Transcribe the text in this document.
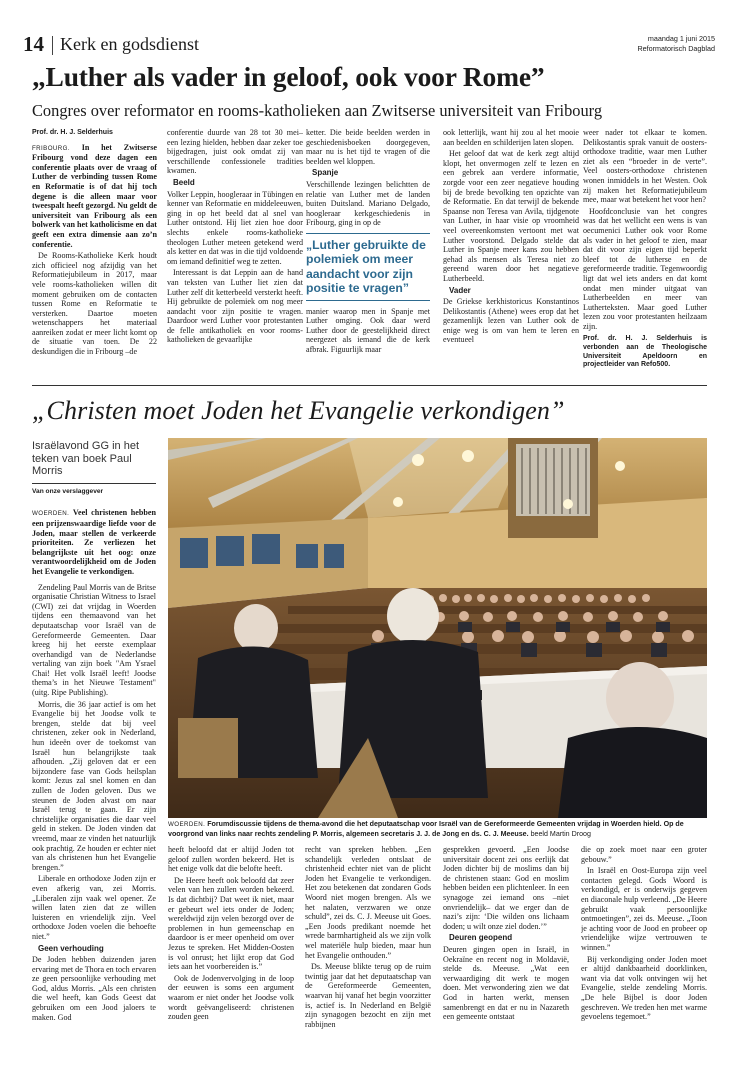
14 Kerk en godsdienst	maandag 1 juni 2015
Reformatorisch Dagblad
„Luther als vader in geloof, ook voor Rome”
Congres over reformator en rooms-katholieken aan Zwitserse universiteit van Fribourg

Prof. dr. H. J. Selderhuis

FRIBOURG. In het Zwitserse Fribourg vond deze dagen een conferentie plaats over de vraag of Luther de verbinding tussen Rome en Reformatie is of dat hij toch degene is die alleen maar voor tweespalt heeft gezorgd. Nu geldt de universiteit van Fribourg als een bolwerk van het katholicisme en dat geeft een extra dimensie aan zo’n conferentie.

De Rooms-Katholieke Kerk houdt zich officieel nog afzijdig van het Reformatiejubileum in 2017, maar vele rooms-katholieken willen dit moment gebruiken om de contacten tussen Rome en Reformatie te versterken. Daartoe moeten wetenschappers het materiaal aanreiken zodat er meer licht komt op de situatie van toen. De 22 deskundigen die in Fribourg –de

conferentie duurde van 28 tot 30 mei– een lezing hielden, hebben daar zeker toe bijgedragen, juist ook omdat zij van verschillende confessionele tradities kwamen.

Beeld

Volker Leppin, hoogleraar in Tübingen en kenner van Reformatie en middeleeuwen, ging in op het beeld dat al snel van Luther ontstond. Hij liet zien hoe door slechts enkele rooms-katholieke theologen Luther meteen getekend werd als ketter en dat was in die tijd voldoende om iemand definitief weg te zetten.

Interessant is dat Leppin aan de hand van teksten van Luther liet zien dat Luther zelf dit ketterbeeld versterkt heeft. Hij gebruikte de polemiek om nog meer aandacht voor zijn positie te vragen. Daardoor werd Luther voor protestanten de felle antikatholiek en voor rooms-katholieken de gevaarlijke

ketter. Die beide beelden werden in geschiedenisboeken doorgegeven, maar nu is het tijd te vragen of die beelden wel kloppen.

Spanje

Verschillende lezingen belichtten de relatie van Luther met de landen buiten Duitsland. Mariano Delgado, hoogleraar kerkgeschiedenis in Fribourg, ging in op de

„Luther gebruikte de polemiek om meer aandacht voor zijn positie te vragen”

manier waarop men in Spanje met Luther omging. Ook daar werd Luther door de geestelijkheid direct neergezet als iemand die de kerk afbrak. Figuurlijk maar

ook letterlijk, want hij zou al het mooie aan beelden en schilderijen laten slopen.

Het geloof dat wat de kerk zegt altijd klopt, het onvermogen zelf te lezen en een gebrek aan verdere informatie, zorgde voor een zeer negatieve houding bij de brede bevolking ten opzichte van de Reformatie. En dat terwijl de bekende Spaanse non Teresa van Avila, tijdgenote van Luther, in haar visie op vroomheid veel overeenkomsten vertoont met wat Luther voorstond. Delgado stelde dat Luther in Spanje meer kans zou hebben gehad als mensen als Teresa niet zo gereend waren door het negatieve Lutherbeeld.

Vader

De Griekse kerkhistoricus Konstantinos Delikostantis (Athene) wees erop dat het gezamenlijk lezen van Luther ook de enige weg is om van hem te leren en eventueel

weer nader tot elkaar te komen. Delikostantis sprak vanuit de oosters-orthodoxe traditie, waar men Luther ziet als een “broeder in de verte”. Veel oosters-orthodoxe christenen wonen inmiddels in het Westen. Ook zij maken het Reformatiejubileum mee, maar wat betekent het voor hen?

Hoofdconclusie van het congres was dat het wellicht een wens is van oecumenici Luther ook voor Rome als vader in het geloof te zien, maar dat dit voor zijn eigen tijd beperkt bleef tot de lutherse en de gereformeerde traditie. Tegenwoordig ligt dat wel iets anders en dat komt ondat men minder uitgaat van Lutherbeelden en meer van Lutherteksten. Maar goed Luther lezen zou voor protestanten heilzaam zijn.

Prof. dr. H. J. Selderhuis is verbonden aan de Theologische Universiteit Apeldoorn en projectleider van Refo500.

„Christen moet Joden het Evangelie verkondigen”
Israëlavond GG in het teken van boek Paul Morris

Van onze verslaggever

WOERDEN. Veel christenen hebben een prijzenswaardige liefde voor de Joden, maar stellen de verkeerde prioriteiten. Ze verliezen het belangrijkste uit het oog: onze verantwoordelijkheid om de Joden het Evangelie te verkondigen.

Zendeling Paul Morris van de Britse organisatie Christian Witness to Israel (CWI) zei dat vrijdag in Woerden tijdens een themaavond van het deputaatschap voor Israël van de Gereformeerde Gemeenten. Daar kreeg hij het eerste exemplaar overhandigd van de Nederlandse vertaling van zijn boek "Am Ysrael Chai! Het volk Israël leeft! Joodse thema’s in het Nieuwe Testament" (uitg. Ripe Publishing).

Morris, die 36 jaar actief is om het Evangelie bij het Joodse volk te brengen, stelde dat bij veel christenen, zeker ook in Nederland, hun ideeën over de toekomst van Israël hun belangrijkste taak afhouden. „Zij geloven dat er een bijzondere fase van Gods heilsplan komt: Jezus zal snel komen en dan zullen de Joden geloven. Dus we steunen de Joden alvast om naar Israël terug te gaan. Er zijn christelijke organisaties die daar veel geld in steken. De Joden vinden dat vreemd, maar ze vinden het natuurlijk ook prachtig. Ze houden er echter niet van als christenen hun het Evangelie brengen.”

Liberale en orthodoxe Joden zijn er even afkerig van, zei Morris. „Liberalen zijn vaak wel opener. Ze willen laten zien dat ze willen luisteren en vriendelijk zijn. Veel orthodoxe Joden voelen die behoefte niet.”

Geen verhouding

De Joden hebben duizenden jaren ervaring met de Thora en toch ervaren ze geen persoonlijke verhouding met God, aldus Morris. „Als een christen die wel heeft, kan Gods Geest dat gebruiken om een Jood jaloers te maken. God

WOERDEN. Forumdiscussie tijdens de thema-avond die het deputaatschap voor Israël van de Gereformeerde Gemeenten vrijdag in Woerden hield. Op de voorgrond van links naar rechts zendeling P. Morris, algemeen secretaris J. J. de Jong en ds. C. J. Meeuse. beeld Martin Droog

heeft beloofd dat er altijd Joden tot geloof zullen worden bekeerd. Het is het enige volk dat die belofte heeft.

De Heere heeft ook beloofd dat zeer velen van hen zullen worden bekeerd. Is dat dichtbij? Dat weet ik niet, maar er gebeurt wel iets onder de Joden; wereldwijd zijn velen bezorgd over de problemen in hun gemeenschap en daardoor is er meer openheid om over Jezus te spreken. Het Midden-Oosten is vol onrust; het lijkt erop dat God iets aan het voorbereiden is.”

Ook de Jodenvervolging in de loop der eeuwen is soms een argument waarom er niet onder het Joodse volk wordt geëvangeliseerd: christenen zouden geen

recht van spreken hebben. „Een schandelijk verleden ontslaat de christenheid echter niet van de plicht Joden het Evangelie te verkondigen. Het zou betekenen dat zondaren Gods Woord niet mogen brengen. Als we het nalaten, verzwaren we onze schuld”, zei ds. C. J. Meeuse uit Goes. „Een Joods predikant noemde het wrede barmhartigheid als we zijn volk wel materiële hulp bieden, maar hun het Evangelie onthouden.”

Ds. Meeuse blikte terug op de ruim twintig jaar dat het deputaatschap van de Gereformeerde Gemeenten, waarvan hij vanaf het begin voorzitter is, actief is. In Nederland en België zijn synagogen bezocht en zijn met rabbijnen

gesprekken gevoerd. „Een Joodse universitair docent zei ons eerlijk dat Joden dichter bij de moslims dan bij de christenen staan: God en moslim hebben beiden een plichtenleer. In een synagoge zei iemand ons –niet onvriendelijk– dat we erger dan de nazi’s zijn: ‘Die wilden ons lichaam doden; u wilt onze ziel doden.’”

Deuren geopend

Deuren gingen open in Israël, in Oekraïne en recent nog in Moldavië, stelde ds. Meeuse. „Wat een verwaardiging dit werk te mogen doen. Met verwondering zien we dat God in harten werkt, mensen samenbrengt en dat er nu in Nazareth een gemeente ontstaat

die op zoek moet naar een groter gebouw.”

In Israël en Oost-Europa zijn veel contacten gelegd. Gods Woord is verkondigd, er is onderwijs gegeven en diaconale hulp verleend. „De Heere gebruikt vaak persoonlijke ontmoetingen”, zei ds. Meeuse. „Toon je achting voor de Jood en probeer op vriendelijke wijze vertrouwen te winnen.”

Bij verkondiging onder Joden moet er altijd dankbaarheid doorklinken, want via dat volk ontvingen wij het Evangelie, stelde zendeling Morris. „De hele Bijbel is door Joden geschreven. We treden hen met warme gevoelens tegemoet.”
